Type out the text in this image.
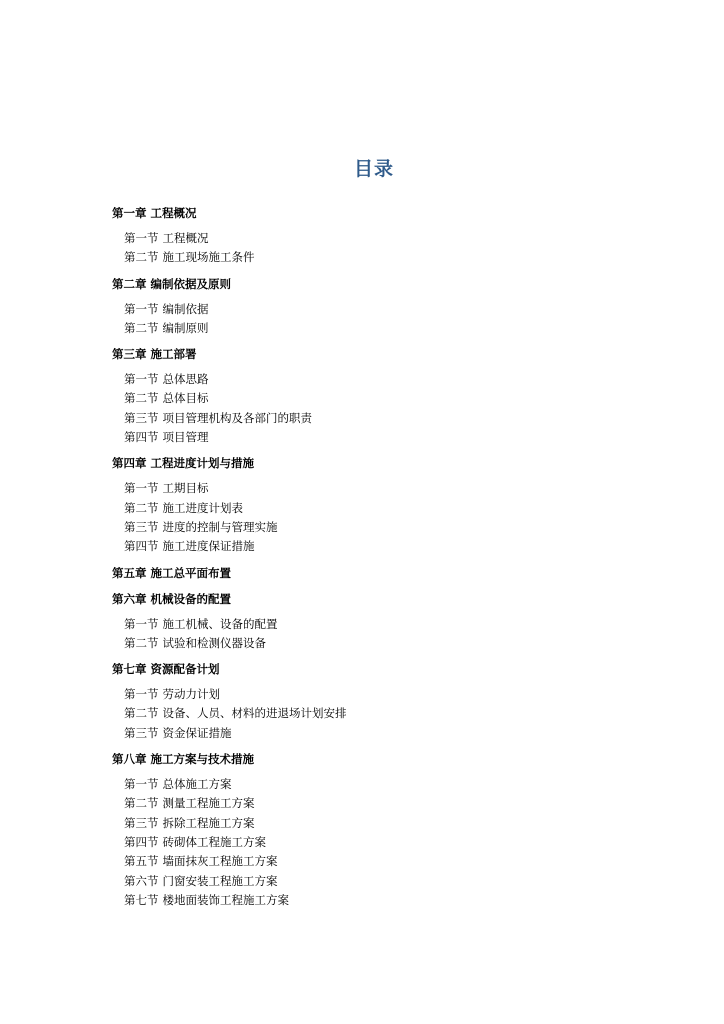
目录
第一章 工程概况
第一节 工程概况
第二节 施工现场施工条件
第二章 编制依据及原则
第一节 编制依据
第二节 编制原则
第三章 施工部署
第一节 总体思路
第二节 总体目标
第三节 项目管理机构及各部门的职责
第四节 项目管理
第四章 工程进度计划与措施
第一节 工期目标
第二节 施工进度计划表
第三节 进度的控制与管理实施
第四节 施工进度保证措施
第五章 施工总平面布置
第六章 机械设备的配置
第一节 施工机械、设备的配置
第二节 试验和检测仪器设备
第七章 资源配备计划
第一节 劳动力计划
第二节 设备、人员、材料的进退场计划安排
第三节 资金保证措施
第八章 施工方案与技术措施
第一节 总体施工方案
第二节 测量工程施工方案
第三节 拆除工程施工方案
第四节 砖砌体工程施工方案
第五节 墙面抹灰工程施工方案
第六节 门窗安装工程施工方案
第七节 楼地面装饰工程施工方案
